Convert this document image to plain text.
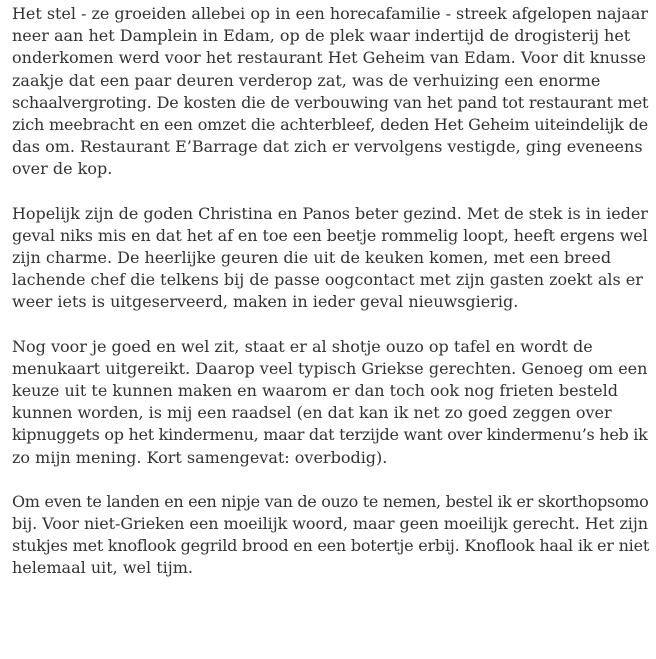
Het stel - ze groeiden allebei op in een horecafamilie - streek afgelopen najaar
neer aan het Damplein in Edam, op de plek waar indertijd de drogisterij het
onderkomen werd voor het restaurant Het Geheim van Edam. Voor dit knusse
zaakje dat een paar deuren verderop zat, was de verhuizing een enorme
schaalvergroting. De kosten die de verbouwing van het pand tot restaurant met
zich meebracht en een omzet die achterbleef, deden Het Geheim uiteindelijk de
das om. Restaurant E’Barrage dat zich er vervolgens vestigde, ging eveneens
over de kop.

Hopelijk zijn de goden Christina en Panos beter gezind. Met de stek is in ieder
geval niks mis en dat het af en toe een beetje rommelig loopt, heeft ergens wel
zijn charme. De heerlijke geuren die uit de keuken komen, met een breed
lachende chef die telkens bij de passe oogcontact met zijn gasten zoekt als er
weer iets is uitgeserveerd, maken in ieder geval nieuwsgierig.

Nog voor je goed en wel zit, staat er al shotje ouzo op tafel en wordt de
menukaart uitgereikt. Daarop veel typisch Griekse gerechten. Genoeg om een
keuze uit te kunnen maken en waarom er dan toch ook nog frieten besteld
kunnen worden, is mij een raadsel (en dat kan ik net zo goed zeggen over
kipnuggets op het kindermenu, maar dat terzijde want over kindermenu’s heb ik
zo mijn mening. Kort samengevat: overbodig).

Om even te landen en een nipje van de ouzo te nemen, bestel ik er skorthopsomo
bij. Voor niet-Grieken een moeilijk woord, maar geen moeilijk gerecht. Het zijn
stukjes met knoflook gegrild brood en een botertje erbij. Knoflook haal ik er niet
helemaal uit, wel tijm.
